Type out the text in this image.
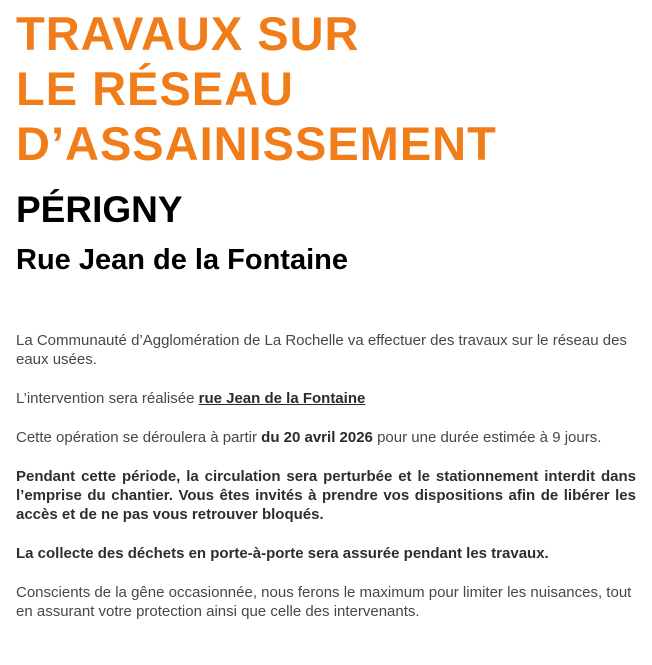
TRAVAUX SUR
LE RÉSEAU
D’ASSAINISSEMENT
PÉRIGNY
Rue Jean de la Fontaine

La Communauté d’Agglomération de La Rochelle va effectuer des travaux sur le réseau des eaux usées.

L’intervention sera réalisée rue Jean de la Fontaine

Cette opération se déroulera à partir du 20 avril 2026 pour une durée estimée à 9 jours.

Pendant cette période, la circulation sera perturbée et le stationnement interdit dans l’emprise du chantier. Vous êtes invités à prendre vos dispositions afin de libérer les accès et de ne pas vous retrouver bloqués.

La collecte des déchets en porte-à-porte sera assurée pendant les travaux.

Conscients de la gêne occasionnée, nous ferons le maximum pour limiter les nuisances, tout en assurant votre protection ainsi que celle des intervenants.
